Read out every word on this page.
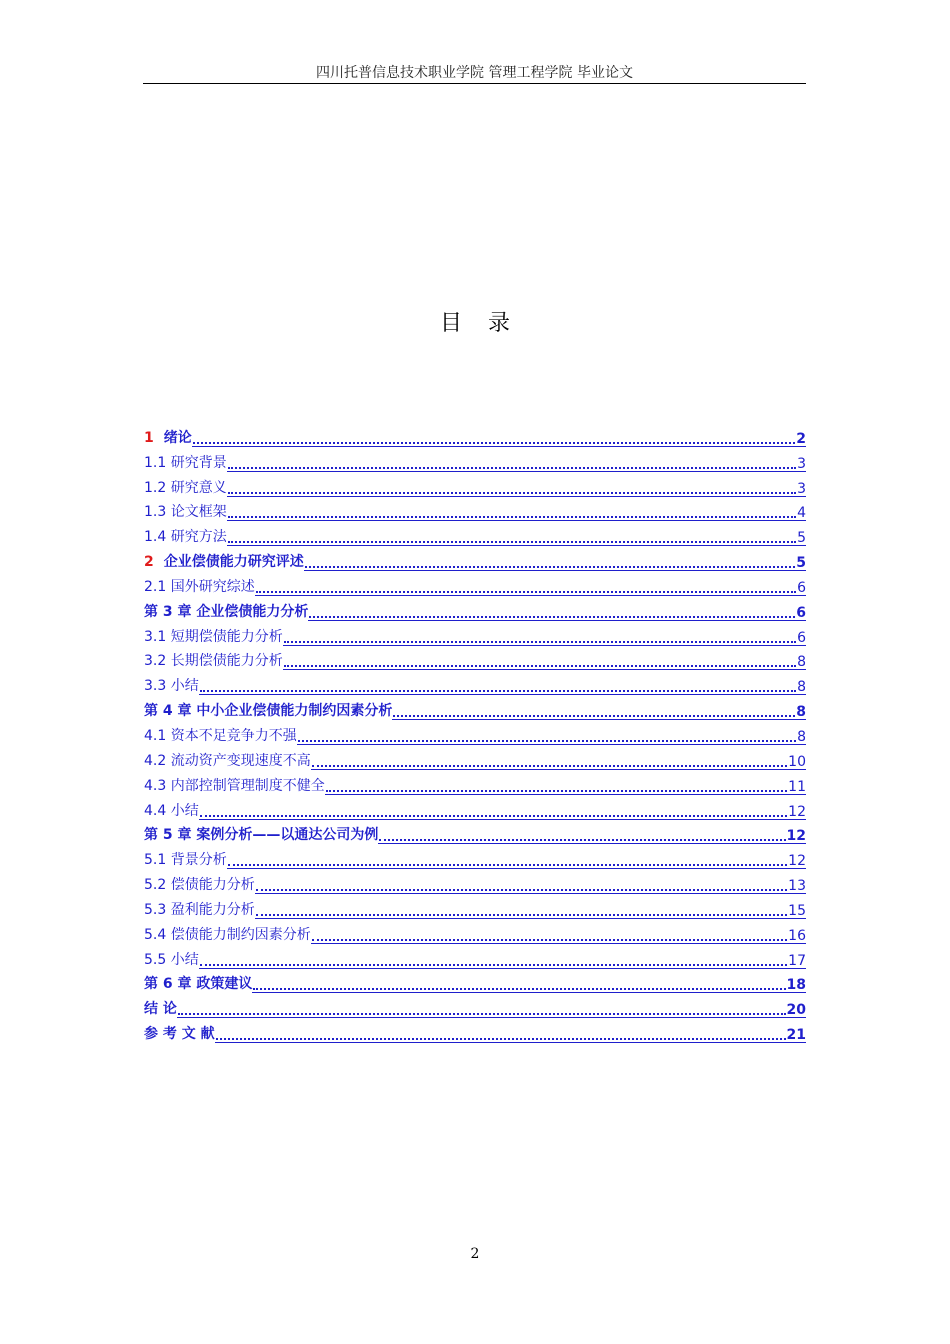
四川托普信息技术职业学院 管理工程学院 毕业论文
目录
1 绪论	2
1.1 研究背景	3
1.2 研究意义	3
1.3 论文框架	4
1.4 研究方法	5
2 企业偿债能力研究评述	5
2.1 国外研究综述	6
第 3 章 企业偿债能力分析	6
3.1 短期偿债能力分析	6
3.2 长期偿债能力分析	8
3.3 小结	8
第 4 章 中小企业偿债能力制约因素分析	8
4.1 资本不足竞争力不强	8
4.2 流动资产变现速度不高	10
4.3 内部控制管理制度不健全	11
4.4 小结	12
第 5 章 案例分析——以通达公司为例	12
5.1 背景分析	12
5.2 偿债能力分析	13
5.3 盈利能力分析	15
5.4 偿债能力制约因素分析	16
5.5 小结	17
第 6 章 政策建议	18
结 论	20
参 考 文 献	21
2
